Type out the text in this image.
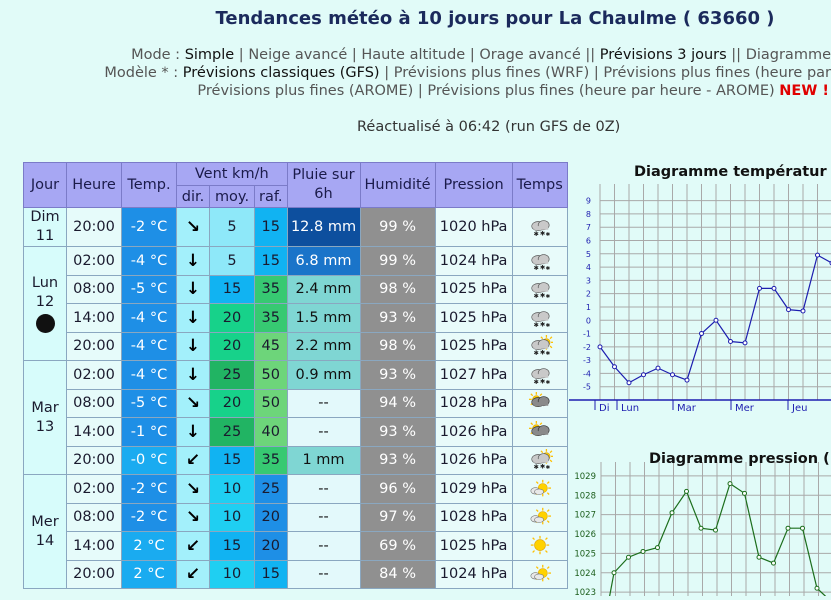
Tendances météo à 10 jours pour La Chaulme ( 63660 )
Mode : Simple | Neige avancé | Haute altitude | Orage avancé || Prévisions 3 jours || Diagramme
Modèle * : Prévisions classiques (GFS) | Prévisions plus fines (WRF) | Prévisions plus fines (heure par
Prévisions plus fines (AROME) | Prévisions plus fines (heure par heure - AROME) NEW !
Réactualisé à 06:42 (run GFS de 0Z)
Jour	Heure	Temp.	Vent km/h			Pluie sur 6h	Humidité	Pression	Temps
			dir.	moy.	raf.				
Dim
11	20:00	-2 °C	↘	5	15	12.8 mm	99 %	1020 hPa	✱ ✱ ✱

Lun
12	02:00	-4 °C	↓	5	15	6.8 mm	99 %	1024 hPa	✱ ✱ ✱

	08:00	-5 °C	↓	15	35	2.4 mm	98 %	1025 hPa	✱ ✱ ✱

	14:00	-4 °C	↓	20	35	1.5 mm	93 %	1025 hPa	✱ ✱ ✱

	20:00	-4 °C	↓	20	45	2.2 mm	98 %	1025 hPa	✱ ✱ ✱

Mar
13	02:00	-4 °C	↓	25	50	0.9 mm	93 %	1027 hPa	✱ ✱ ✱

	08:00	-5 °C	↘	20	50	--	94 %	1028 hPa	
	14:00	-1 °C	↓	25	40	--	93 %	1026 hPa	
	20:00	-0 °C	↙	15	35	1 mm	93 %	1026 hPa	✱ ✱ ✱

Mer
14	02:00	-2 °C	↘	10	25	--	96 %	1029 hPa	
	08:00	-2 °C	↘	10	20	--	97 %	1028 hPa	
	14:00	2 °C	↙	15	20	--	69 %	1025 hPa	
	20:00	2 °C	↙	10	15	--	84 %	1024 hPa	
Diagramme températur
9
8
7
6
5
4
3
2
1
0
-1
-2
-3
-4
-5
Di Lun	Mar	Mer	Jeu
Diagramme pression (
1029
1028
1027
1026
1025
1024
1023
